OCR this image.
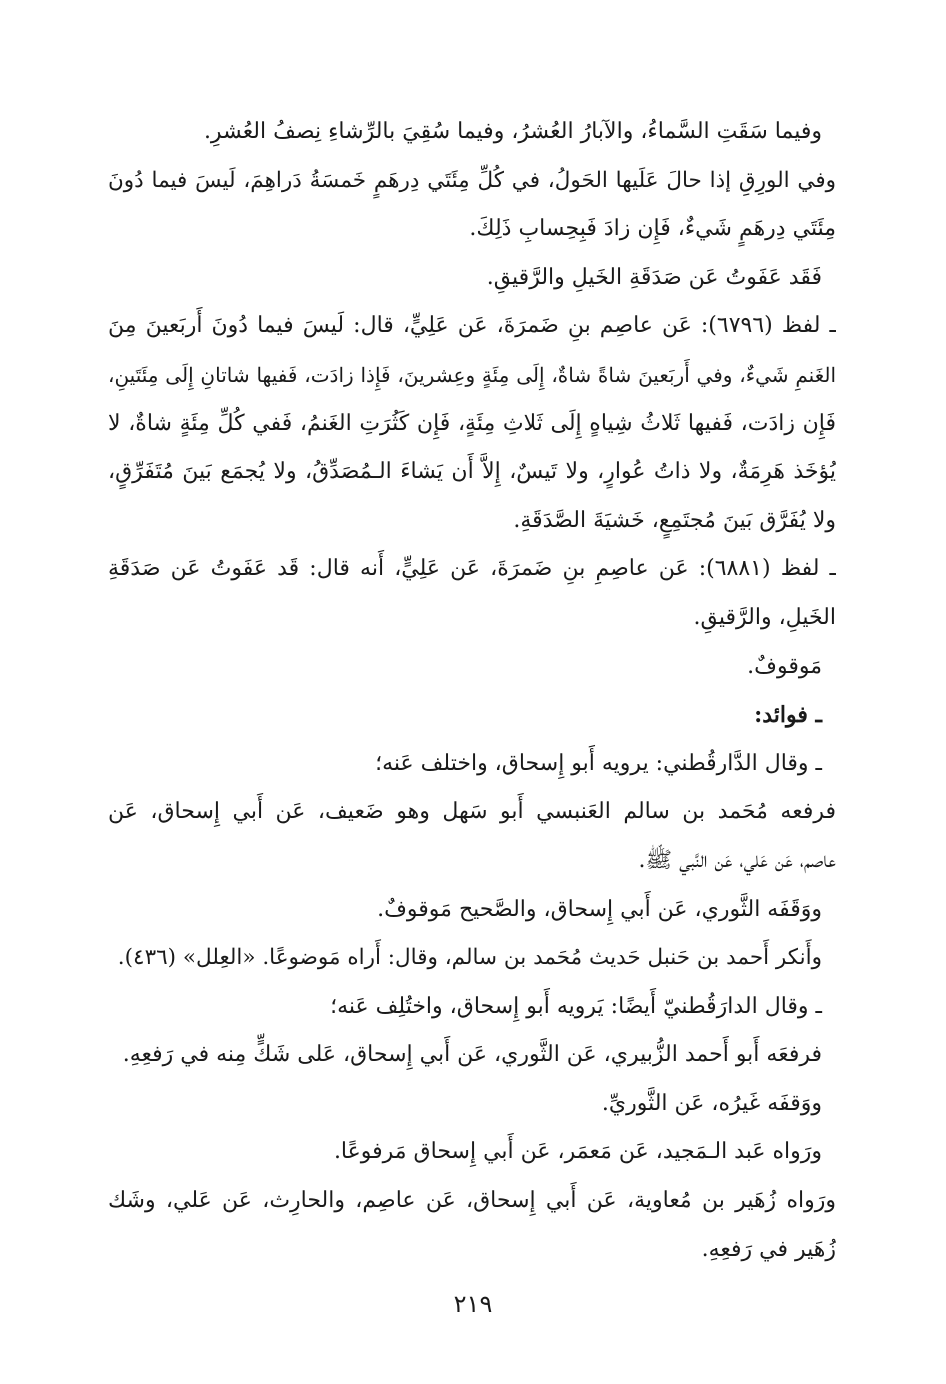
وفيما سَقَتِ السَّماءُ، والآبارُ العُشرُ، وفيما سُقِيَ بالرِّشاءِ نِصفُ العُشرِ.
وفي الورِقِ إذا حالَ عَلَيها الحَولُ، في كُلِّ مِئَتَي دِرهَمٍ خَمسَةُ دَراهِمَ، لَيسَ فيما دُونَ
مِئَتَي دِرهَمٍ شَيءٌ، فَإِن زادَ فَبِحِسابِ ذَلِكَ.
فَقَد عَفَوتُ عَن صَدَقَةِ الخَيلِ والرَّقيقِ.
ـ لفظ (٦٧٩٦): عَن عاصِم بنِ ضَمرَةَ، عَن عَلِيٍّ، قال: لَيسَ فيما دُونَ أَربَعينَ مِنَ
الغَنمِ شَيءٌ، وفي أَربَعينَ شاةً شاةٌ، إِلَى مِئَةٍ وعِشرينَ، فَإِذا زادَت، فَفيها شاتانِ إِلَى مِئَتَينِ،
فَإِن زادَت، فَفيها ثَلاثُ شِياهٍ إِلَى ثَلاثِ مِئَةٍ، فَإِن كَثُرَتِ الغَنمُ، فَفي كُلِّ مِئَةٍ شاةٌ، لا
يُؤخَذ هَرِمَةٌ، ولا ذاتُ عُوارٍ، ولا تَيسٌ، إِلاَّ أَن يَشاءَ الـمُصَدِّقُ، ولا يُجمَع بَينَ مُتَفَرِّقٍ،
ولا يُفَرَّق بَينَ مُجتَمِعٍ، خَشيَةَ الصَّدَقَةِ.
ـ لفظ (٦٨٨١): عَن عاصِمِ بنِ ضَمرَةَ، عَن عَلِيٍّ، أَنه قال: قَد عَفَوتُ عَن صَدَقَةِ
الخَيلِ، والرَّقيقِ.
مَوقوفٌ.
ـ فوائد:
ـ وقال الدَّارقُطني: يرويه أَبو إِسحاق، واختلف عَنه؛
فرفعه مُحَمد بن سالم العَنبسي أَبو سَهل وهو ضَعيف، عَن أَبي إِسحاق، عَن
عاصم، عَن عَلي، عَن النَّبي ﷺ.
ووَقَفَه الثَّوري، عَن أَبي إِسحاق، والصَّحيح مَوقوفٌ.
وأَنكر أَحمد بن حَنبل حَديث مُحَمد بن سالم، وقال: أَراه مَوضوعًا. «العِلل» (٤٣٦).
ـ وقال الدارَقُطنيّ أَيضًا: يَرويه أَبو إِسحاق، واختُلِف عَنه؛
فرفعَه أَبو أَحمد الزُّبيري، عَن الثَّوري، عَن أَبي إِسحاق، عَلى شَكٍّ مِنه في رَفعِهِ.
ووَقفَه غَيرُه، عَن الثَّوريِّ.
ورَواه عَبد الـمَجيد، عَن مَعمَر، عَن أَبي إِسحاق مَرفوعًا.
ورَواه زُهَير بن مُعاوية، عَن أَبي إِسحاق، عَن عاصِم، والحارِث، عَن عَلي، وشَك
زُهَير في رَفعِهِ.
٢١٩
